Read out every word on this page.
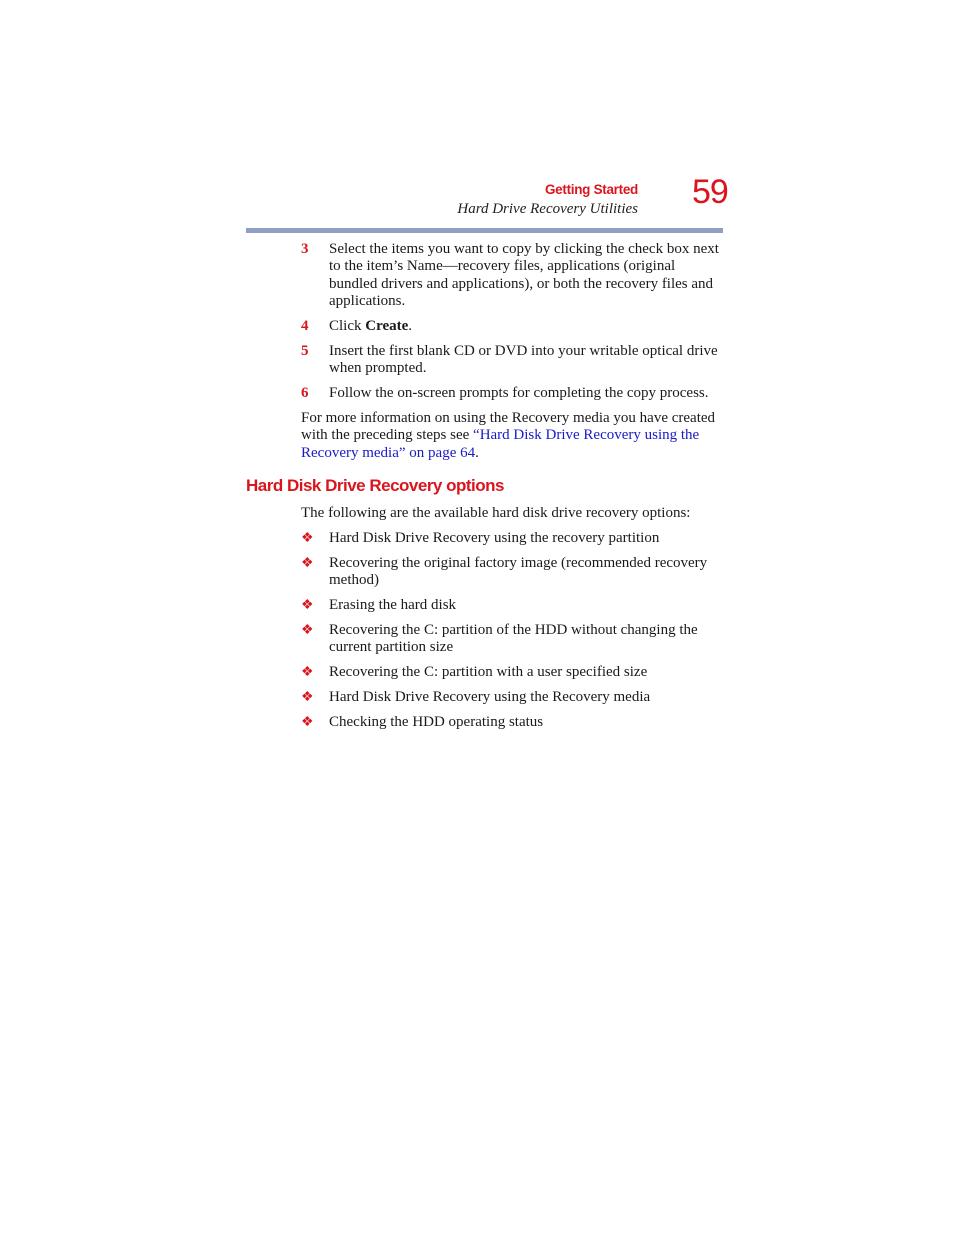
Getting Started
Hard Drive Recovery Utilities 59
3 Select the items you want to copy by clicking the check box next to the item’s Name—recovery files, applications (original bundled drivers and applications), or both the recovery files and applications.
4 Click Create.
5 Insert the first blank CD or DVD into your writable optical drive when prompted.
6 Follow the on-screen prompts for completing the copy process.
For more information on using the Recovery media you have created with the preceding steps see “Hard Disk Drive Recovery using the Recovery media” on page 64.
Hard Disk Drive Recovery options
The following are the available hard disk drive recovery options:
❖ Hard Disk Drive Recovery using the recovery partition
❖ Recovering the original factory image (recommended recovery method)
❖ Erasing the hard disk
❖ Recovering the C: partition of the HDD without changing the current partition size
❖ Recovering the C: partition with a user specified size
❖ Hard Disk Drive Recovery using the Recovery media
❖ Checking the HDD operating status
